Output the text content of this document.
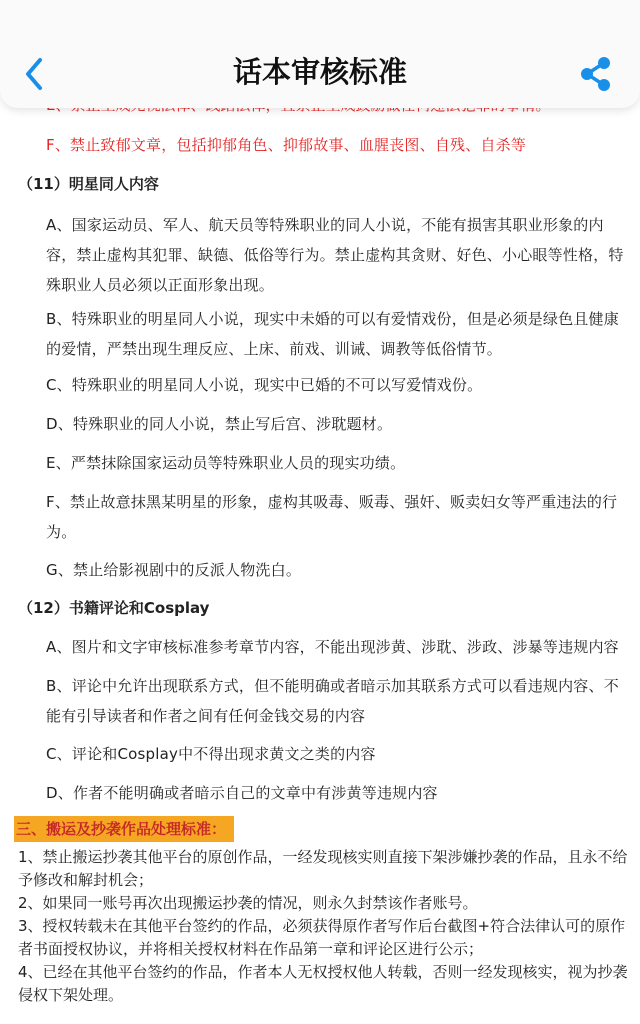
话本审核标准
F、禁止致郁文章，包括抑郁角色、抑郁故事、血腥丧图、自残、自杀等
（11）明星同人内容
A、国家运动员、军人、航天员等特殊职业的同人小说，不能有损害其职业形象的内容，禁止虚构其犯罪、缺德、低俗等行为。禁止虚构其贪财、好色、小心眼等性格，特殊职业人员必须以正面形象出现。
B、特殊职业的明星同人小说，现实中未婚的可以有爱情戏份，但是必须是绿色且健康的爱情，严禁出现生理反应、上床、前戏、训诫、调教等低俗情节。
C、特殊职业的明星同人小说，现实中已婚的不可以写爱情戏份。
D、特殊职业的同人小说，禁止写后宫、涉耽题材。
E、严禁抹除国家运动员等特殊职业人员的现实功绩。
F、禁止故意抹黑某明星的形象，虚构其吸毒、贩毒、强奸、贩卖妇女等严重违法的行为。
G、禁止给影视剧中的反派人物洗白。
（12）书籍评论和Cosplay
A、图片和文字审核标准参考章节内容，不能出现涉黄、涉耽、涉政、涉暴等违规内容
B、评论中允许出现联系方式，但不能明确或者暗示加其联系方式可以看违规内容、不能有引导读者和作者之间有任何金钱交易的内容
C、评论和Cosplay中不得出现求黄文之类的内容
D、作者不能明确或者暗示自己的文章中有涉黄等违规内容
三、搬运及抄袭作品处理标准：
1、禁止搬运抄袭其他平台的原创作品，一经发现核实则直接下架涉嫌抄袭的作品，且永不给予修改和解封机会；
2、如果同一账号再次出现搬运抄袭的情况，则永久封禁该作者账号。
3、授权转载未在其他平台签约的作品，必须获得原作者写作后台截图+符合法律认可的原作者书面授权协议，并将相关授权材料在作品第一章和评论区进行公示；
4、已经在其他平台签约的作品，作者本人无权授权他人转载，否则一经发现核实，视为抄袭侵权下架处理。
